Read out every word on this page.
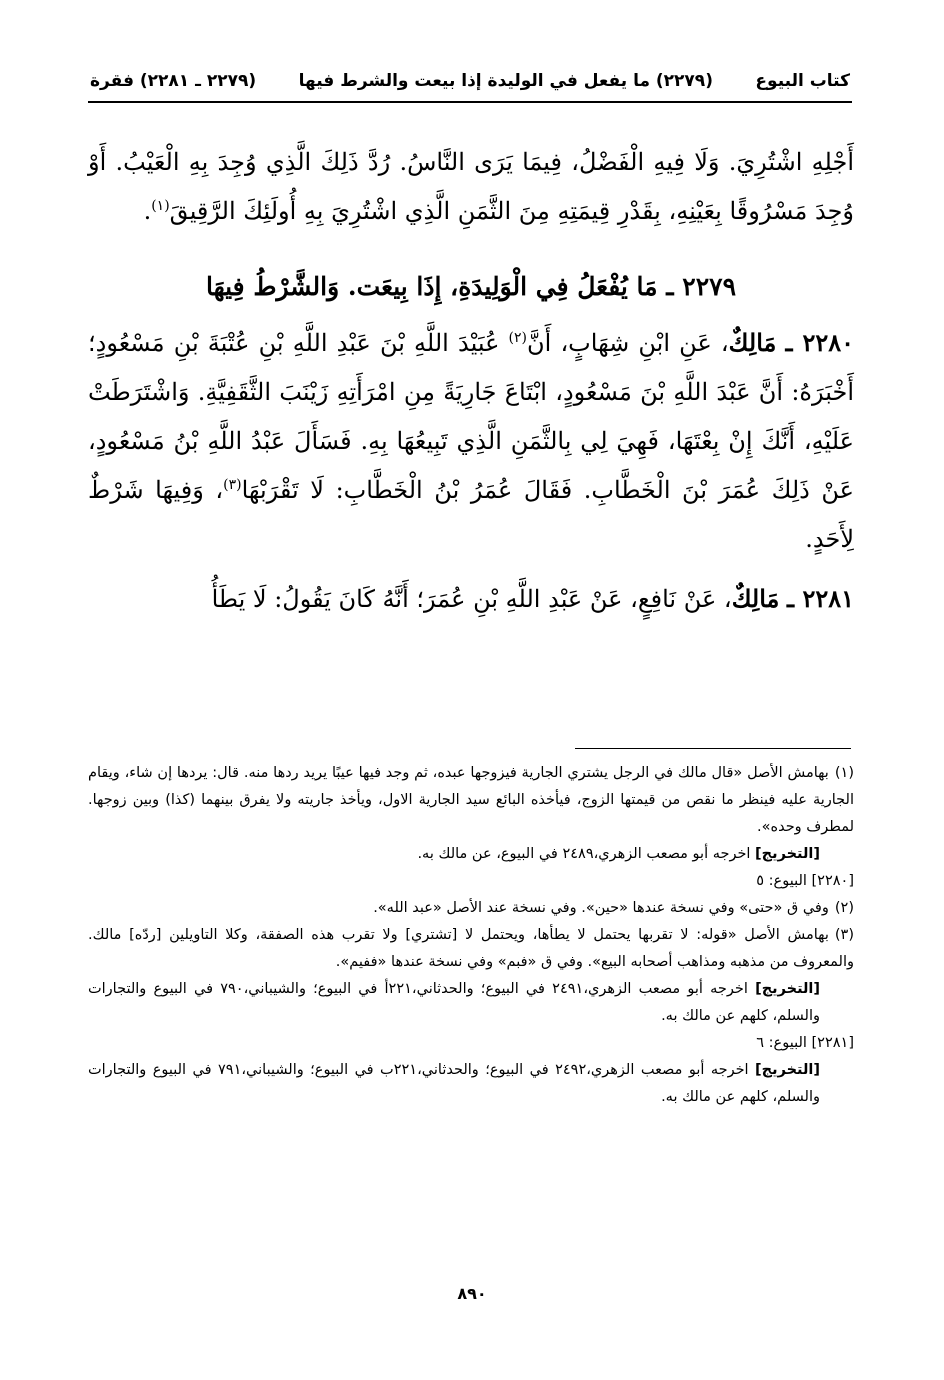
كتاب البيوع
(٢٢٧٩) ما يفعل في الوليدة إذا بيعت والشرط فيها
(٢٢٧٩ ـ ٢٢٨١) فقرة

أَجْلِهِ اشْتُرِيَ. وَلَا فِيهِ الْفَضْلُ، فِيمَا يَرَى النَّاسُ. رُدَّ ذَلِكَ الَّذِي وُجِدَ بِهِ الْعَيْبُ. أَوْ وُجِدَ مَسْرُوقًا بِعَيْنِهِ، بِقَدْرِ قِيمَتِهِ مِنَ الثَّمَنِ الَّذِي اشْتُرِيَ بِهِ أُولَئِكَ الرَّقِيقَ$^{(١)}$.

٢٢٧٩ ـ مَا يُفْعَلُ فِي الْوَلِيدَةِ، إِذَا بِيعَت. وَالشَّرْطُ فِيهَا

٢٢٨٠ ـ مَالِكٌ، عَنِ ابْنِ شِهَابٍ، أَنَّ$^{(٢)}$ عُبَيْدَ اللَّهِ بْنَ عَبْدِ اللَّهِ بْنِ عُتْبَةَ بْنِ مَسْعُودٍ؛ أَخْبَرَهُ: أَنَّ عَبْدَ اللَّهِ بْنَ مَسْعُودٍ، ابْتَاعَ جَارِيَةً مِنِ امْرَأَتِهِ زَيْنَبَ الثَّقَفِيَّةِ. وَاشْتَرَطَتْ عَلَيْهِ، أَنَّكَ إِنْ بِعْتَهَا، فَهِيَ لِي بِالثَّمَنِ الَّذِي تَبِيعُهَا بِهِ. فَسَأَلَ عَبْدُ اللَّهِ بْنُ مَسْعُودٍ، عَنْ ذَلِكَ عُمَرَ بْنَ الْخَطَّابِ. فَقَالَ عُمَرُ بْنُ الْخَطَّابِ: لَا تَقْرَبْهَا$^{(٣)}$، وَفِيهَا شَرْطٌ لِأَحَدٍ.

٢٢٨١ ـ مَالِكٌ، عَنْ نَافِعٍ، عَنْ عَبْدِ اللَّهِ بْنِ عُمَرَ؛ أَنَّهُ كَانَ يَقُولُ: لَا يَطَأُ

(١)بهامش الأصل «قال مالك في الرجل يشتري الجارية فيزوجها عبده، ثم وجد فيها عيبًا يريد ردها منه. قال: يردها إن شاء، ويقام الجارية عليه فينظر ما نقص من قيمتها الزوج، فيأخذه البائع سيد الجارية الاول، ويأخذ جاريته ولا يفرق بينهما (كذا) وبين زوجها. لمطرف وحده».

[التخريج] اخرجه أبو مصعب الزهري،٢٤٨٩ في البيوع، عن مالك به.

[٢٢٨٠] البيوع: ٥

(٢)وفي ق «حتى» وفي نسخة عندها «حين». وفي نسخة عند الأصل «عبد الله».

(٣)بهامش الأصل «قوله: لا تقربها يحتمل لا يطأها، ويحتمل لا [تشتري] ولا تقرب هذه الصفقة، وكلا التاويلين [ردّه] مالك. والمعروف من مذهبه ومذاهب أصحابه البيع». وفي ق «فبم» وفي نسخة عندها «ففيم».

[التخريج] اخرجه أبو مصعب الزهري،٢٤٩١ في البيوع؛ والحدثاني،٢٢١أ في البيوع؛ والشيباني،٧٩٠ في البيوع والتجارات والسلم، كلهم عن مالك به.

[٢٢٨١] البيوع: ٦

[التخريج] اخرجه أبو مصعب الزهري،٢٤٩٢ في البيوع؛ والحدثاني،٢٢١ب في البيوع؛ والشيباني،٧٩١ في البيوع والتجارات والسلم، كلهم عن مالك به.

٨٩٠
